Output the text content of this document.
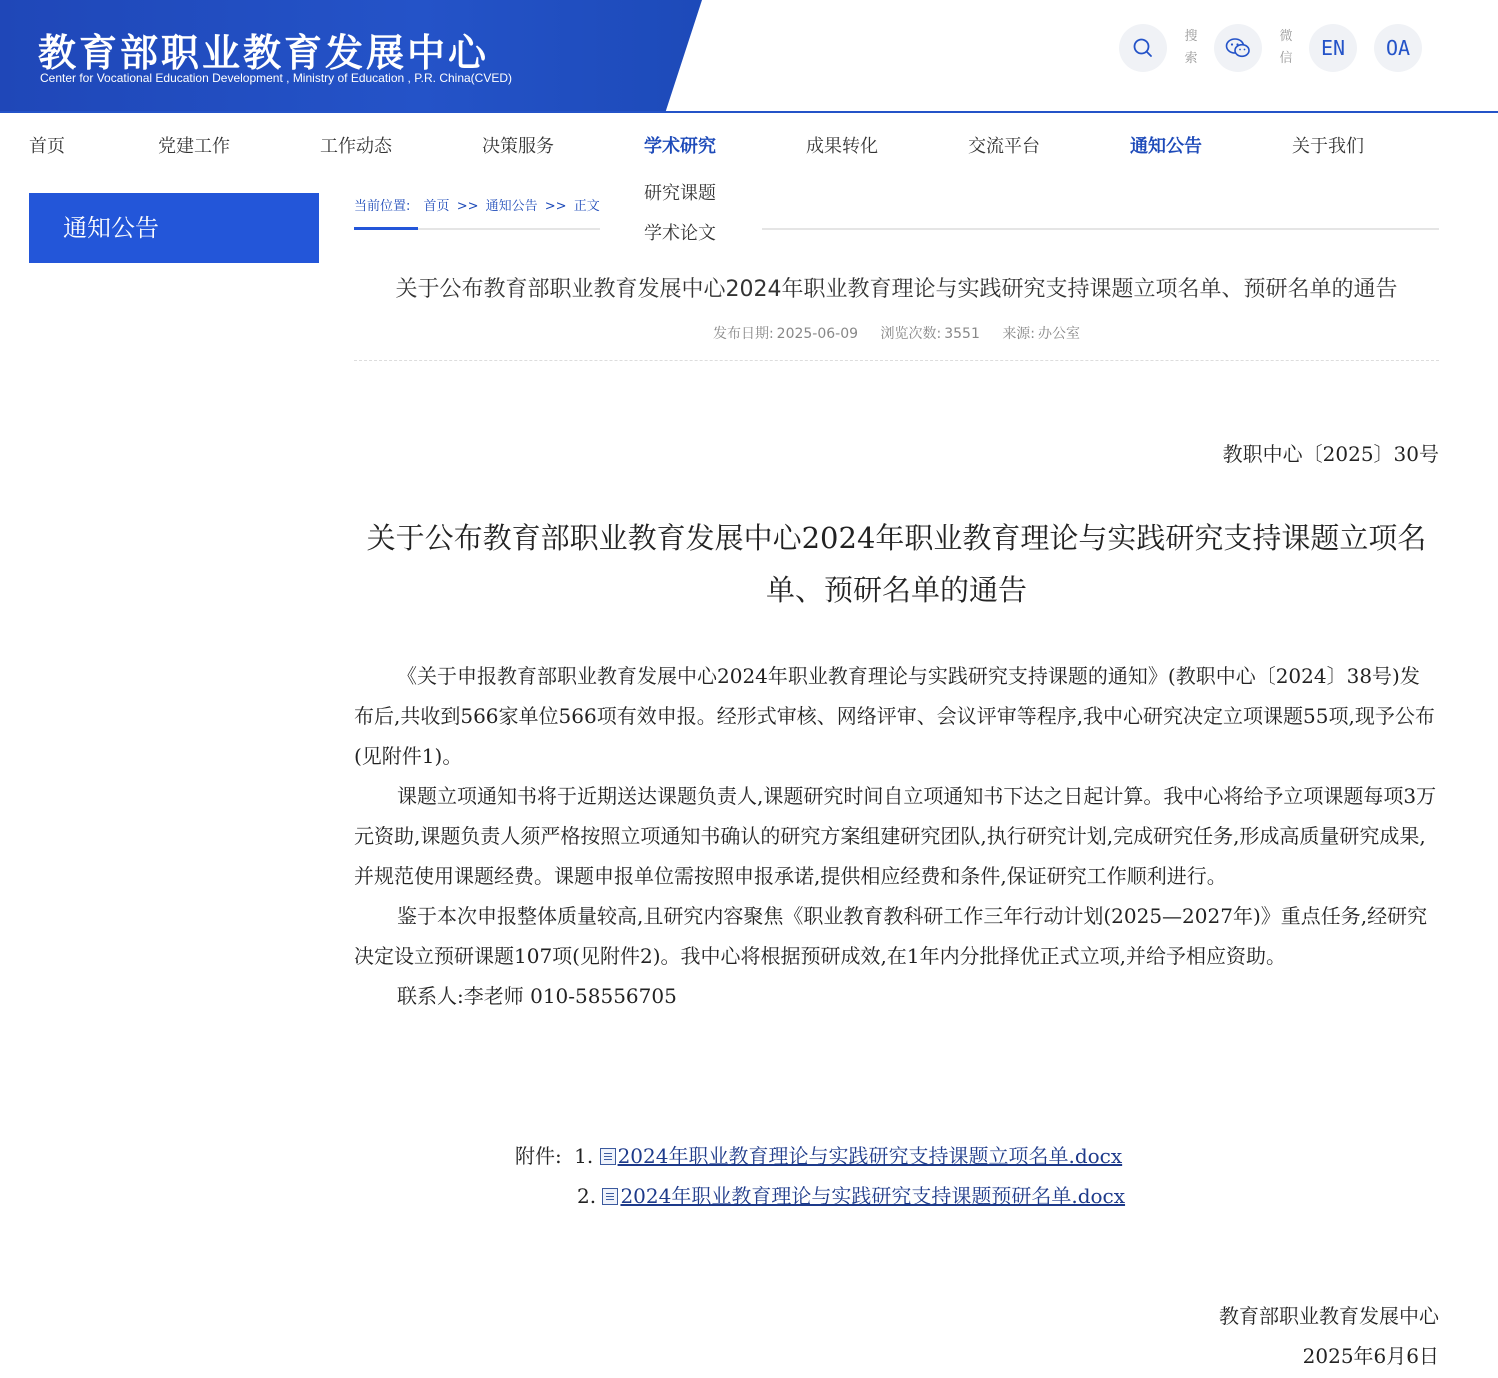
教育部职业教育发展中心
Center for Vocational Education Development , Ministry of Education , P.R. China(CVED)
搜索
微信	EN	OA
首页	党建工作	工作动态	决策服务	学术研究	成果转化	交流平台	通知公告	关于我们
研究课题
学术论文
通知公告
当前位置: 首页 >> 通知公告 >> 正文
关于公布教育部职业教育发展中心2024年职业教育理论与实践研究支持课题立项名单、预研名单的通告
发布日期: 2025-06-09 浏览次数: 3551 来源: 办公室
教职中心〔2025〕30号
关于公布教育部职业教育发展中心2024年职业教育理论与实践研究支持课题立项名单、预研名单的通告

《关于申报教育部职业教育发展中心2024年职业教育理论与实践研究支持课题的通知》(教职中心〔2024〕38号)发布后,共收到566家单位566项有效申报。经形式审核、网络评审、会议评审等程序,我中心研究决定立项课题55项,现予公布(见附件1)。

课题立项通知书将于近期送达课题负责人,课题研究时间自立项通知书下达之日起计算。我中心将给予立项课题每项3万元资助,课题负责人须严格按照立项通知书确认的研究方案组建研究团队,执行研究计划,完成研究任务,形成高质量研究成果,并规范使用课题经费。课题申报单位需按照申报承诺,提供相应经费和条件,保证研究工作顺利进行。

鉴于本次申报整体质量较高,且研究内容聚焦《职业教育教科研工作三年行动计划(2025—2027年)》重点任务,经研究决定设立预研课题107项(见附件2)。我中心将根据预研成效,在1年内分批择优正式立项,并给予相应资助。

联系人:李老师 010-58556705

附件: 1. 2024年职业教育理论与实践研究支持课题立项名单.docx
2. 2024年职业教育理论与实践研究支持课题预研名单.docx
教育部职业教育发展中心
2025年6月6日
